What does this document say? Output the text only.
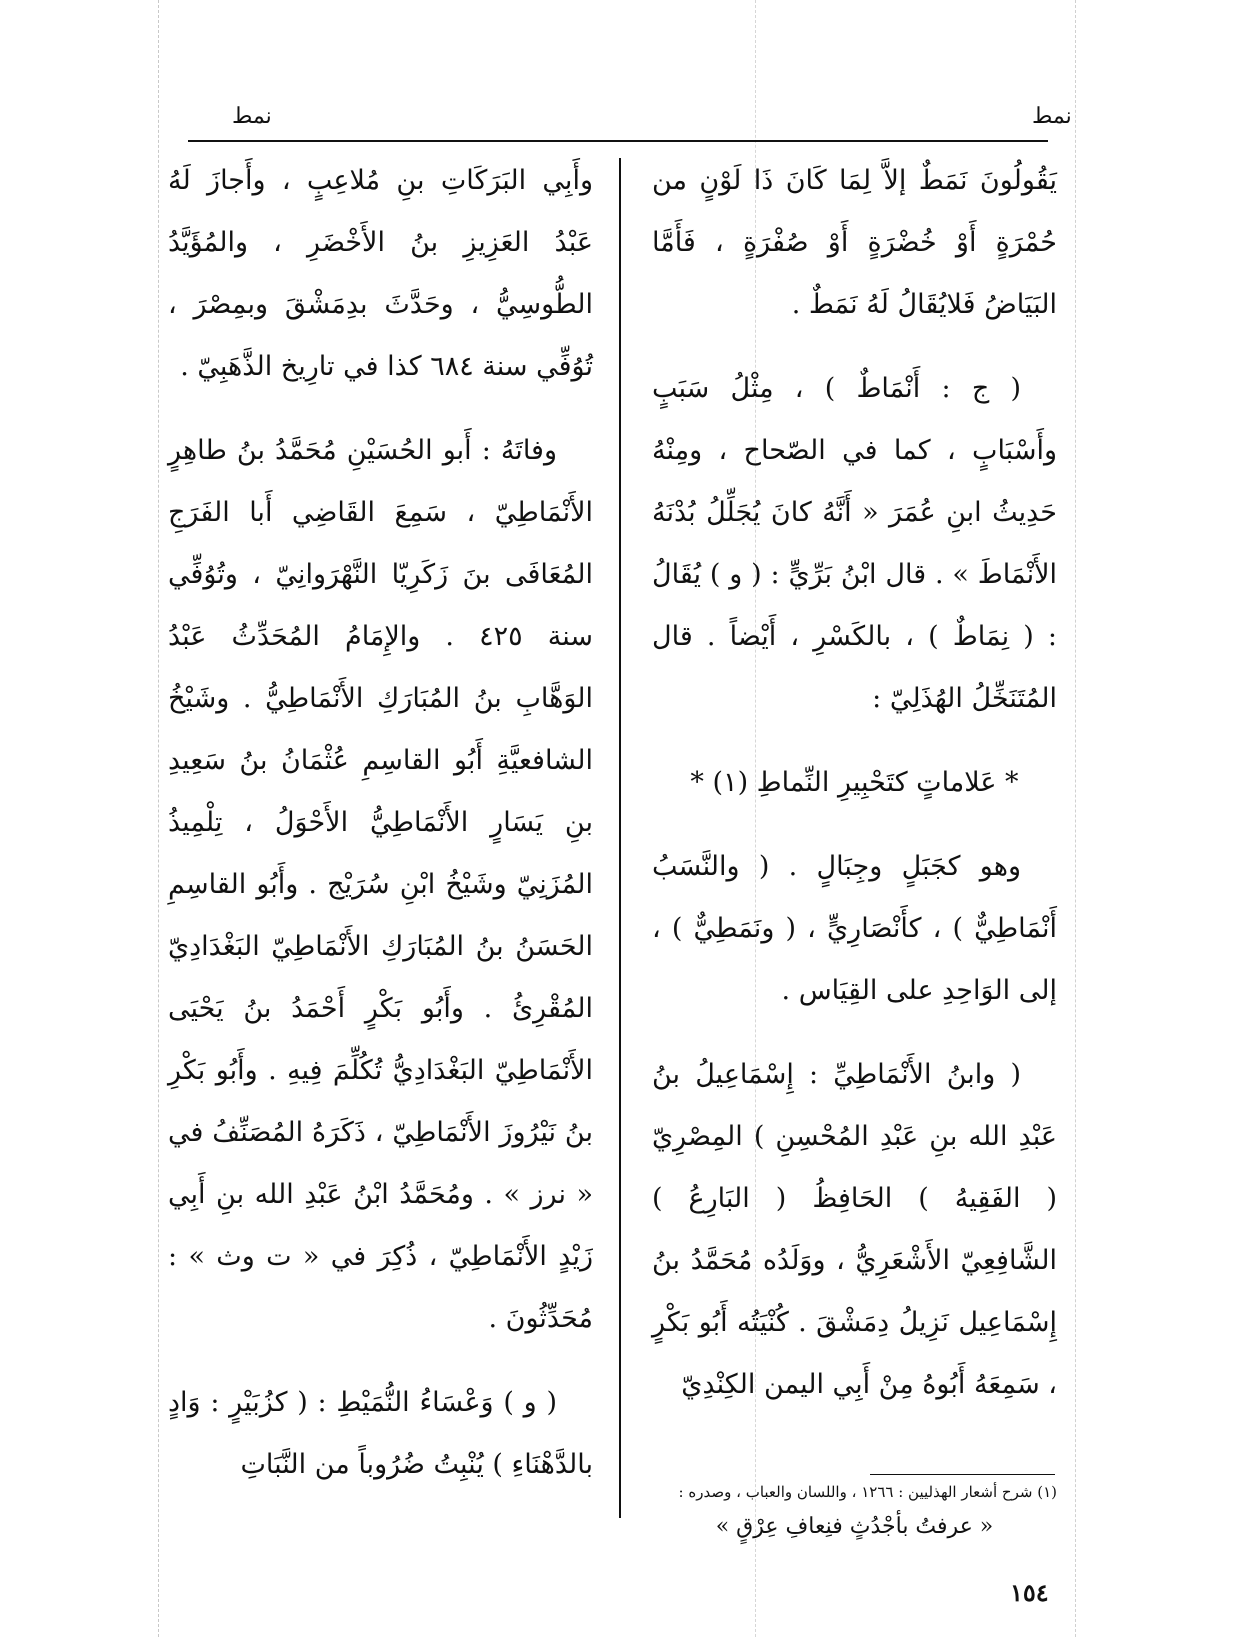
نمط	نمط

يَقُولُونَ نَمَطٌ إلاَّ لِمَا كَانَ ذَا لَوْنٍ من حُمْرَةٍ أَوْ خُضْرَةٍ أَوْ صُفْرَةٍ ، فَأَمَّا البَيَاضُ فَلايُقَالُ لَهُ نَمَطٌ .

( ج : أَنْمَاطٌ ) ، مِثْلُ سَبَبٍ وأَسْبَابٍ ، كما في الصّحاح ، ومِنْهُ حَدِيثُ ابنِ عُمَرَ « أَنَّهُ كانَ يُجَلِّلُ بُدْنَهُ الأَنْمَاطَ » . قال ابْنُ بَرِّيٍّ : ( و ) يُقَالُ : ( نِمَاطٌ ) ، بالكَسْرِ ، أَيْضاً . قال المُتَنَخِّلُ الهُذَلِيّ :

* عَلاماتٍ كتَحْبِيرِ النِّماطِ (١) *

وهو كجَبَلٍ وجِبَالٍ . ( والنَّسَبُ أَنْمَاطِيٌّ ) ، كأَنْصَارِيٍّ ، ( ونَمَطِيٌّ ) ، إلى الوَاحِدِ على القِيَاس .

( وابنُ الأَنْمَاطِيِّ : إِسْمَاعِيلُ بنُ عَبْدِ الله بنِ عَبْدِ المُحْسِنِ ) المِصْرِيّ ( الفَقِيهُ ) الحَافِظُ ( البَارِعُ ) الشَّافِعِيّ الأَشْعَرِيُّ ، ووَلَدُه مُحَمَّدُ بنُ إِسْمَاعِيل نَزِيلُ دِمَشْقَ . كُنْيَتُه أَبُو بَكْرٍ ، سَمِعَهُ أَبُوهُ مِنْ أَبِي اليمن الكِنْدِيّ

وأَبِي البَرَكَاتِ بنِ مُلاعِبٍ ، وأَجازَ لَهُ عَبْدُ العَزِيزِ بنُ الأَخْضَرِ ، والمُؤَيَّدُ الطُّوسِيُّ ، وحَدَّثَ بدِمَشْقَ وبمِصْرَ ، تُوُفِّي سنة ٦٨٤ كذا في تارِيخ الذَّهَبِيّ .

وفاتَهُ : أَبو الحُسَيْنِ مُحَمَّدُ بنُ طاهِرٍ الأَنْمَاطِيّ ، سَمِعَ القَاضِي أَبا الفَرَجِ المُعَافَى بنَ زَكَرِيّا النَّهْرَوانِيّ ، وتُوُفِّي سنة ٤٢٥ . والإِمَامُ المُحَدِّثُ عَبْدُ الوَهَّابِ بنُ المُبَارَكِ الأَنْمَاطِيُّ . وشَيْخُ الشافعيَّةِ أَبُو القاسِمِ عُثْمَانُ بنُ سَعِيدِ بنِ يَسَارٍ الأَنْمَاطِيُّ الأَحْوَلُ ، تِلْمِيذُ المُزَنِيّ وشَيْخُ ابْنِ سُرَيْج . وأَبُو القاسِمِ الحَسَنُ بنُ المُبَارَكِ الأَنْمَاطِيّ البَغْدَادِيّ المُقْرِئُ . وأَبُو بَكْرٍ أَحْمَدُ بنُ يَحْيَى الأَنْمَاطِيّ البَغْدَادِيُّ تُكُلِّمَ فِيهِ . وأَبُو بَكْرِ بنُ نَيْرُوزَ الأَنْمَاطِيّ ، ذَكَرَهُ المُصَنِّفُ في « نرز » . ومُحَمَّدُ ابْنُ عَبْدِ الله بنِ أَبِي زَيْدٍ الأَنْمَاطِيّ ، ذُكِرَ في « ت وث » : مُحَدِّثُونَ .

( و ) وَعْسَاءُ النُّمَيْطِ : ( كزُبَيْرٍ : وَادٍ بالدَّهْنَاءِ ) يُنْبِتُ ضُرُوباً من النَّبَاتِ

(١) شرح أشعار الهذليين : ١٢٦٦ ، واللسان والعباب ، وصدره :
« عرفتُ بأجْدُثٍ فنِعافِ عِرْقٍ »
١٥٤
